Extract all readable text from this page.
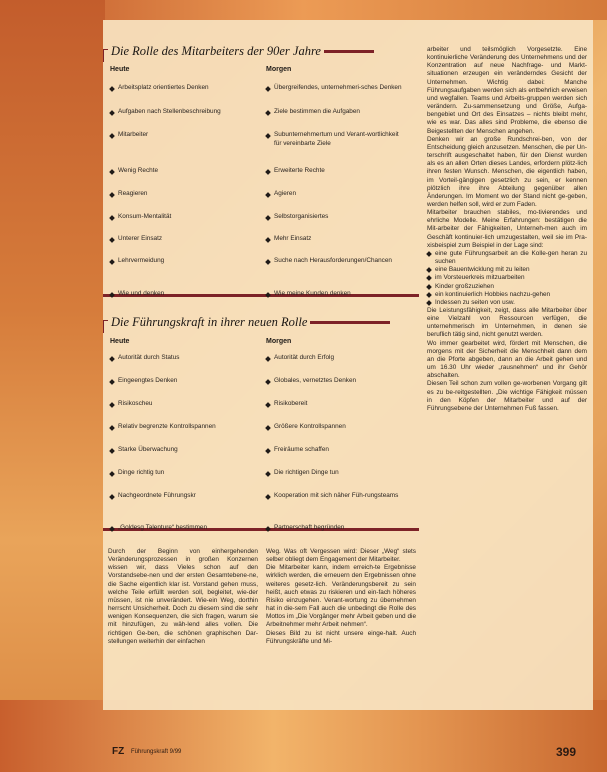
Die Rolle des Mitarbeiters der 90er Jahre
Heute	Morgen
Arbeitsplatz orientiertes Denken	Übergreifendes, unternehmeri-sches Denken
Aufgaben nach Stellenbeschreibung	Ziele bestimmen die Aufgaben
Mitarbeiter	Subunternehmertum und Verant-wortlichkeit für vereinbarte Ziele
Wenig Rechte	Erweiterte Rechte
Reagieren	Agieren
Konsum-Mentalität	Selbstorganisiertes
Unterer Einsatz	Mehr Einsatz
Lehrvermeidung	Suche nach Herausforderungen/Chancen
Wie und denken	Wie meine Kunden denken
Die Führungskraft in ihrer neuen Rolle
Heute	Morgen
Autorität durch Status	Autorität durch Erfolg
Eingeengtes Denken	Globales, vernetztes Denken
Risikoscheu	Risikobereit
Relativ begrenzte Kontrollspannen	Größere Kontrollspannen
Starke Überwachung	Freiräume schaffen
Dinge richtig tun	Die richtigen Dinge tun
Nachgeordnete Führungskr	Kooperation mit sich näher Füh-rungsteams
„Goldesg Talenture“ bestimmen	Partnerschaft begründen

arbeiter und teilsmöglich Vorgesetzte. Eine kontinuierliche Veränderung des Unternehmens und der Konzentration auf neue Nachfrage- und Markt-situationen erzeugen ein veränderndes Gesicht der Unternehmen. Wichtig dabei: Manche Führungsaufgaben werden sich als entbehrlich erweisen und wegfallen. Teams und Arbeits-gruppen werden sich verändern. Zu-sammensetzung und Größe, Aufga-bengebiet und Ort des Einsatzes – nichts bleibt mehr, wie es war. Das alles sind Probleme, die ebenso die Beigestellten der Menschen angehen.

Denken wir an große Rundschrei-ben, von der Entscheidung gleich anzusetzen. Menschen, die per Un-terschrift ausgeschaltet haben, für den Dienst wurden als es an allen Orten dieses Landes, erfordern plötz-lich ihren festen Wunsch. Menschen, die eigentlich haben, im Vorteil-gängigen gesetzlich zu sein, er kennen plötzlich ihre ihre Abteilung gegenüber allen Änderungen. Im Moment wo der Stand nicht ge-geben, werden helfen soll, wird er zum Faden.

Mitarbeiter brauchen stabiles, mo-tivierendes und ehrliche Modelle. Meine Erfahrungen: bestätigen die Mit-arbeiter der Fähigkeiten, Unterneh-men auch im Geschäft kontinuier-lich umzugestalten, weil sie im Pra-xisbeispiel zum Beispiel in der Lage sind:

eine gute Führungsarbeit an die Kolle-gen heran zu suchen
eine Bauentwicklung mit zu leiten
im Vorsteuerkreis mitzuarbeiten
Kinder großzuziehen
ein kontinuierlich Hobbies nachzu-gehen
Indessen zu seiten von usw.

Die Leistungsfähigkeit, zeigt, dass alle Mitarbeiter über eine Vielzahl von Ressourcen verfügen, die unternehmerisch im Unternehmen, in denen sie beruflich tätig sind, nicht genutzt werden.

Wo immer gearbeitet wird, fördert mit Menschen, die morgens mit der Sicherheit die Menschheit dann dem an die Pforte abgeben, dann an die Arbeit gehen und um 16.30 Uhr wieder „rausnehmen“ und ihr Gehör abschalten.

Diesen Teil schon zum vollen ge-worbenen Vorgang gilt es zu be-reitgestellten. „Die wichtige Fähigkeit müssen in den Köpfen der Mitarbeiter und auf der Führungsebene der Unternehmen Fuß fassen.

Durch der Beginn von einhergehenden Veränderungsprozessen in großen Konzernen wissen wir, dass Vieles schon auf den Vorstandsebe-nen und der ersten Gesamtebene-ne, die Sache eigentlich klar ist. Vorstand gehen muss, welche Teile erfüllt werden soll, begleitet, wie-der müssen, ist nie unverändert. Wie-ein Weg, dorthin herrscht Unsicherheit. Doch zu diesem sind die sehr wenigen Konsequenzen, die sich fragen, warum sie mit hinzufügen, zu wäh-lend alles vollen. Die richtigen Ge-ben, die schönen graphischen Dar-stellungen weiterhin der einfachen

Weg. Was oft Vergessen wird: Dieser „Weg“ stets selber obliegt dem Engagement der Mitarbeiter.

Die Mitarbeiter kann, indem erreich-te Ergebnisse wirklich werden, die erneuern den Ergebnissen ohne weiteres gesetz-lich. Veränderungsbereit zu sein heißt, auch etwas zu riskieren und ein-fach höheres Risiko einzugehen. Verant-wortung zu übernehmen hat in die-sem Fall auch die unbedingt die Rolle des Mottos im „Die Vorgänger mehr Arbeit geben und die Arbeitnehmer mehr Arbeit nehmen“.

Dieses Bild zu ist nicht unsere einge-halt. Auch Führungskräfte und Mi-

FZ Führungskraft 9/99	399
